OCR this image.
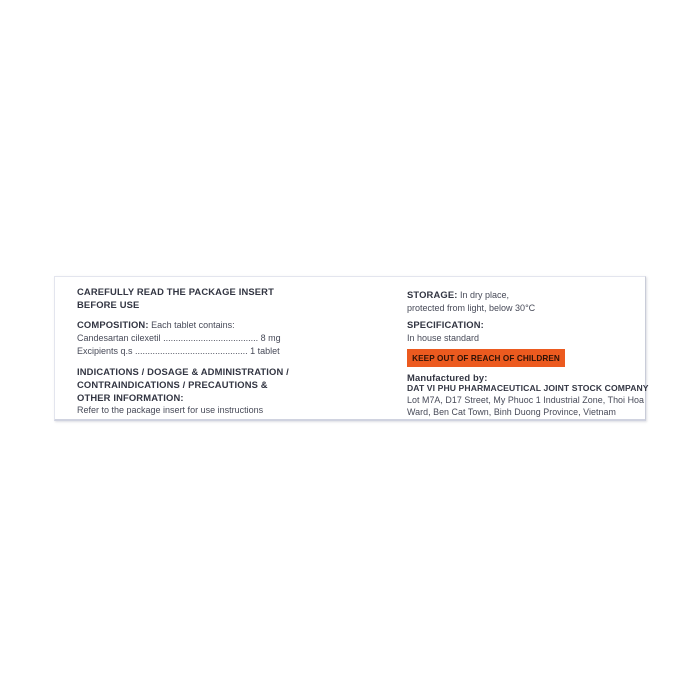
CAREFULLY READ THE PACKAGE INSERT
BEFORE USE
COMPOSITION: Each tablet contains:
Candesartan cilexetil ...................................... 8 mg
Excipients q.s ............................................. 1 tablet
INDICATIONS / DOSAGE & ADMINISTRATION /
CONTRAINDICATIONS / PRECAUTIONS &
OTHER INFORMATION:
Refer to the package insert for use instructions
STORAGE: In dry place,
protected from light, below 30°C
SPECIFICATION:
In house standard
KEEP OUT OF REACH OF CHILDREN
Manufactured by:
DAT VI PHU PHARMACEUTICAL JOINT STOCK COMPANY
Lot M7A, D17 Street, My Phuoc 1 Industrial Zone, Thoi Hoa
Ward, Ben Cat Town, Binh Duong Province, Vietnam
